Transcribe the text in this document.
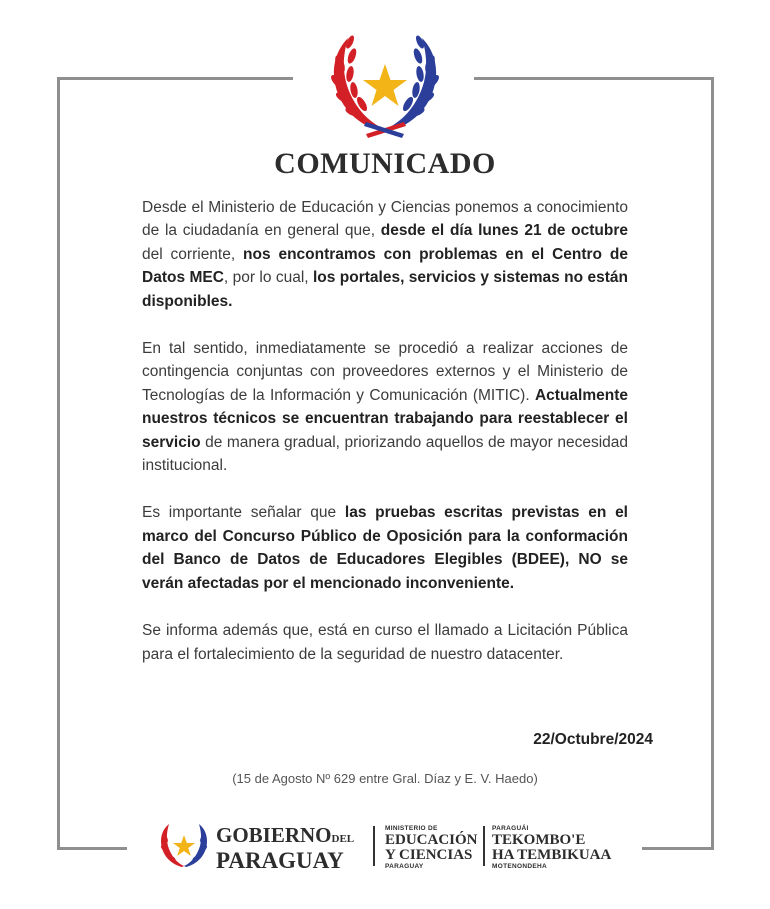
COMUNICADO

Desde el Ministerio de Educación y Ciencias ponemos a conocimiento de la ciudadanía en general que, desde el día lunes 21 de octubre del corriente, nos encontramos con problemas en el Centro de Datos MEC, por lo cual, los portales, servicios y sistemas no están disponibles.

En tal sentido, inmediatamente se procedió a realizar acciones de contingencia conjuntas con proveedores externos y el Ministerio de Tecnologías de la Información y Comunicación (MITIC). Actualmente nuestros técnicos se encuentran trabajando para reestablecer el servicio de manera gradual, priorizando aquellos de mayor necesidad institucional.

Es importante señalar que las pruebas escritas previstas en el marco del Concurso Público de Oposición para la conformación del Banco de Datos de Educadores Elegibles (BDEE), NO se verán afectadas por el mencionado inconveniente.

Se informa además que, está en curso el llamado a Licitación Pública para el fortalecimiento de la seguridad de nuestro datacenter.

22/Octubre/2024
(15 de Agosto Nº 629 entre Gral. Díaz y E. V. Haedo)
GOBIERNODEL
PARAGUAY
MINISTERIO DE
EDUCACIÓN
Y CIENCIAS
PARAGUAY
PARAGUÁI
TEKOMBO'E
HA TEMBIKUAA
MOTENONDEHA
